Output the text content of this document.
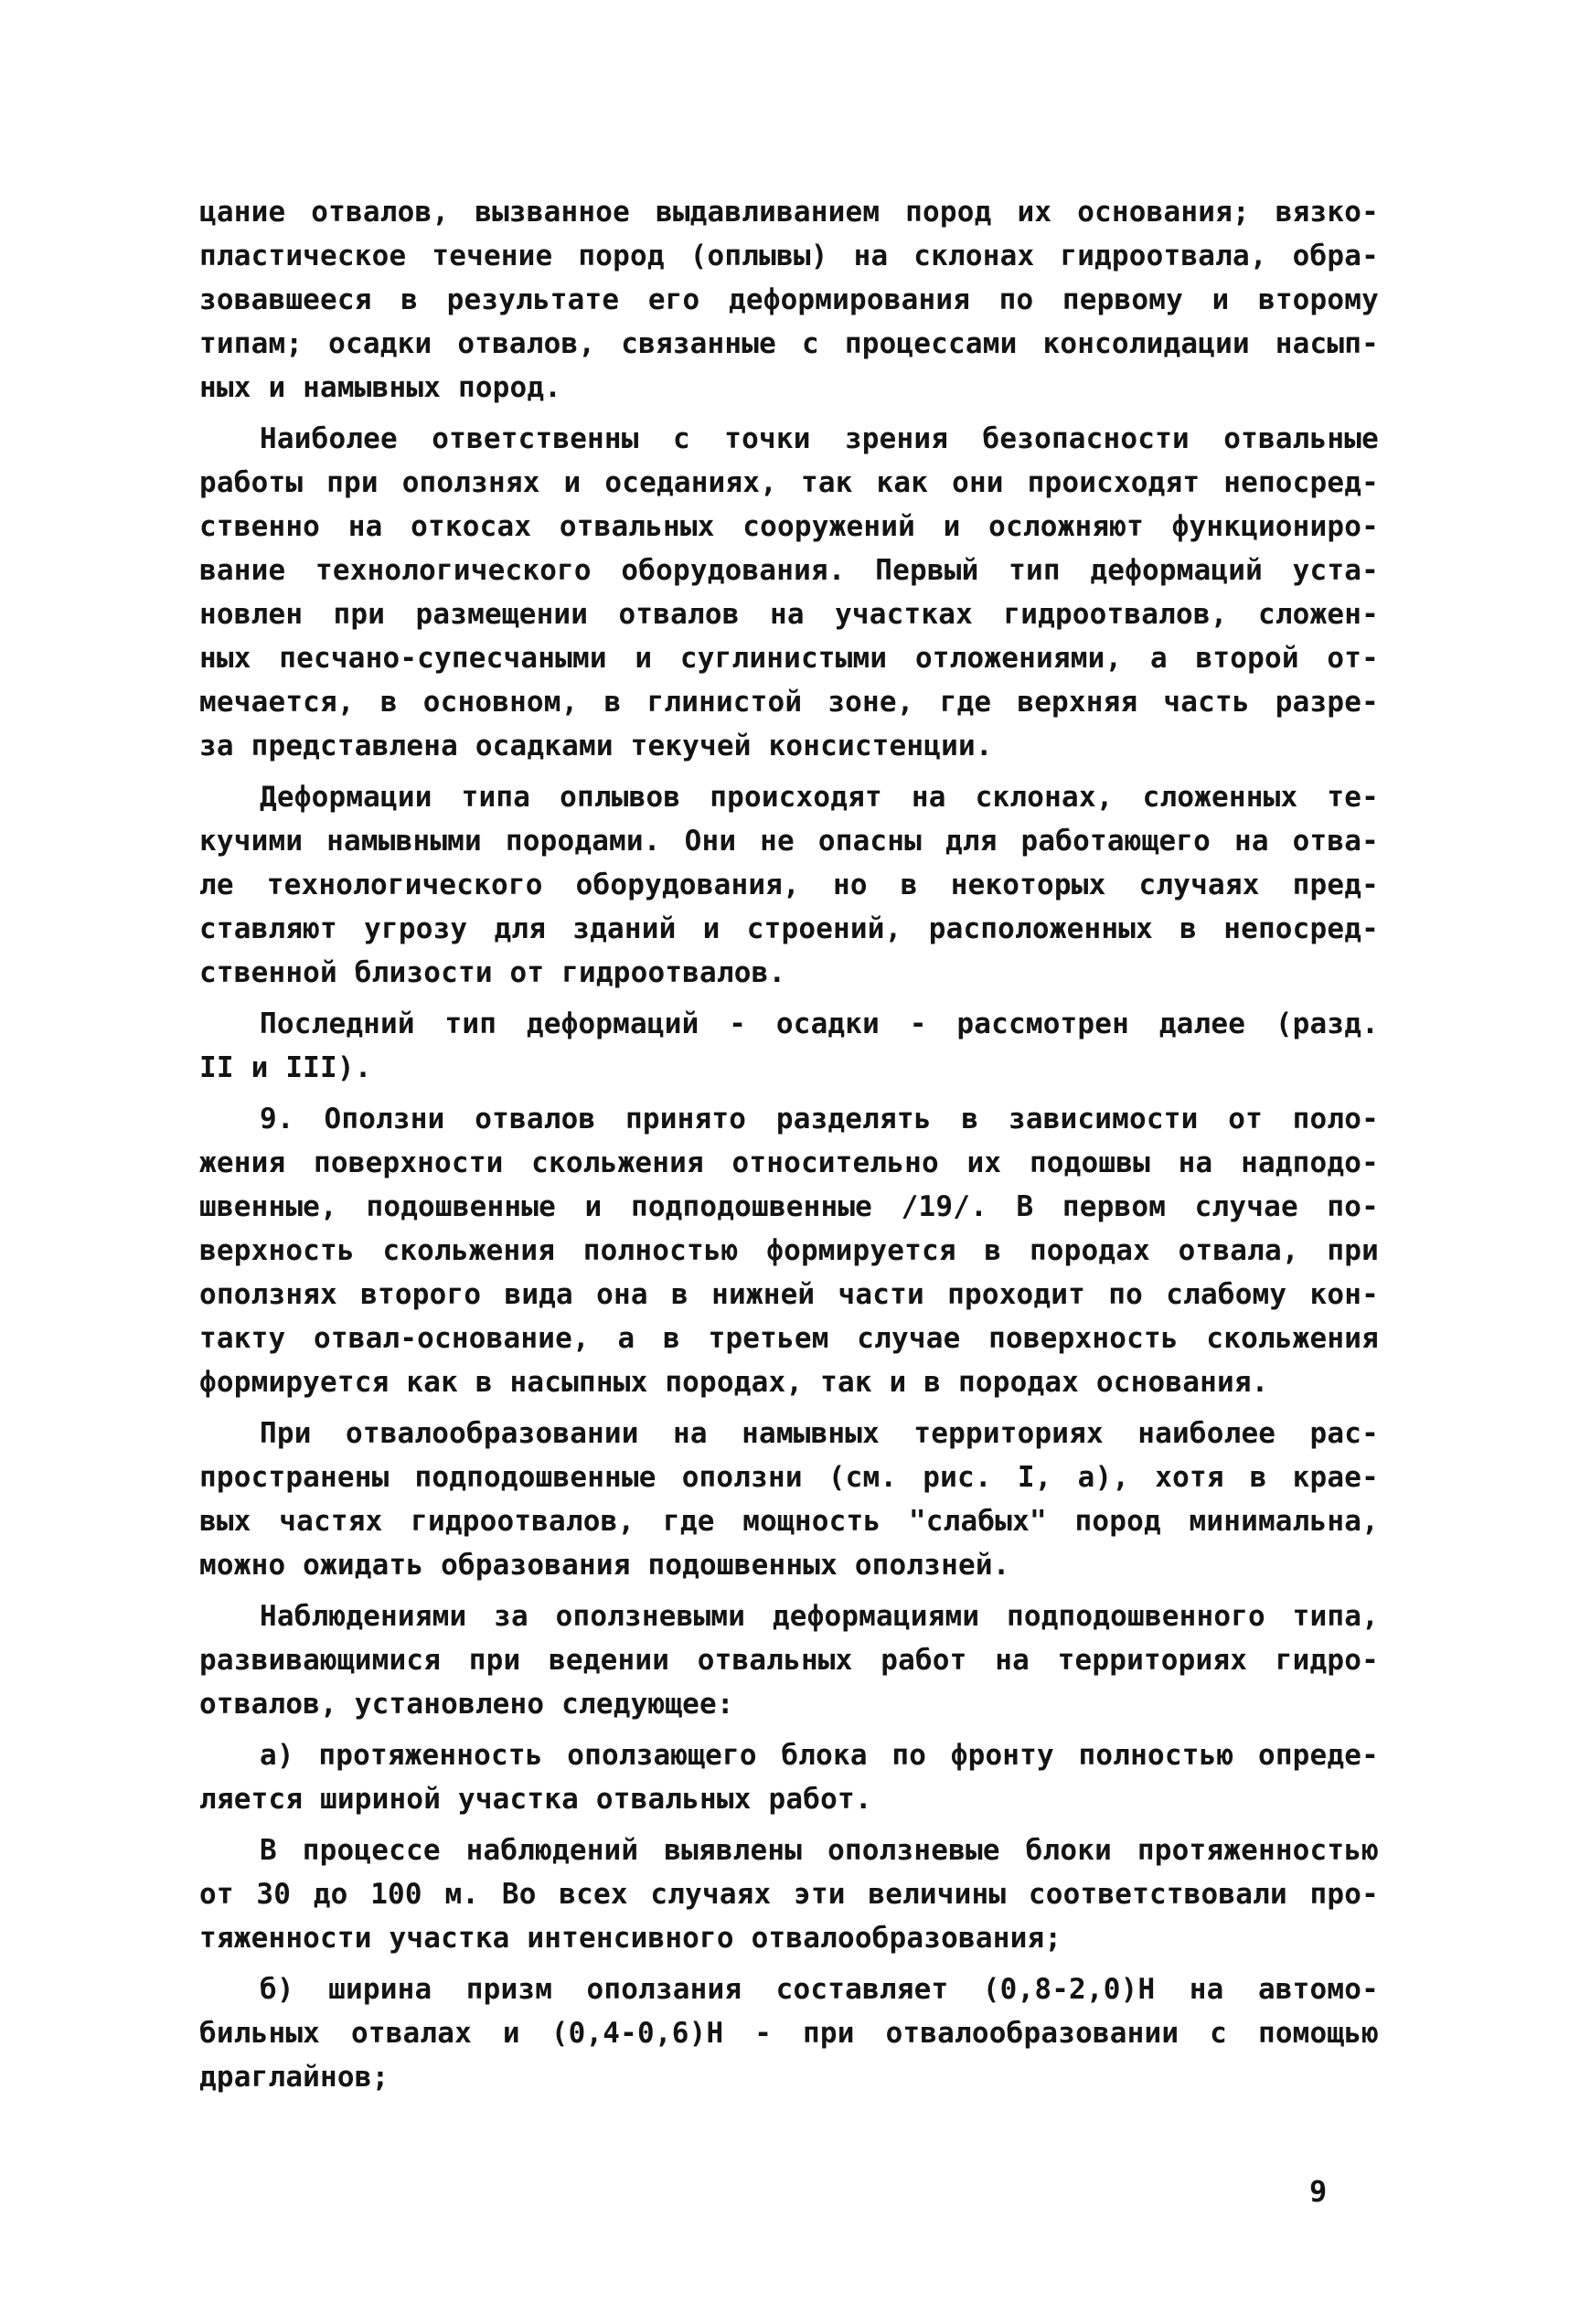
цание отвалов, вызванное выдавливанием пород их основания; вязко-
пластическое течение пород (оплывы) на склонах гидроотвала, обра-
зовавшееся в результате его деформирования по первому и второму
типам; осадки отвалов, связанные с процессами консолидации насып-
ных и намывных пород.
Наиболее ответственны с точки зрения безопасности отвальные
работы при оползнях и оседаниях, так как они происходят непосред-
ственно на откосах отвальных сооружений и осложняют функциониро-
вание технологического оборудования. Первый тип деформаций уста-
новлен при размещении отвалов на участках гидроотвалов, сложен-
ных песчано-супесчаными и суглинистыми отложениями, а второй от-
мечается, в основном, в глинистой зоне, где верхняя часть разре-
за представлена осадками текучей консистенции.
Деформации типа оплывов происходят на склонах, сложенных те-
кучими намывными породами. Они не опасны для работающего на отва-
ле технологического оборудования, но в некоторых случаях пред-
ставляют угрозу для зданий и строений, расположенных в непосред-
ственной близости от гидроотвалов.
Последний тип деформаций - осадки - рассмотрен далее (разд.
II и III).
9. Оползни отвалов принято разделять в зависимости от поло-
жения поверхности скольжения относительно их подошвы на надподо-
швенные, подошвенные и подподошвенные /19/. В первом случае по-
верхность скольжения полностью формируется в породах отвала, при
оползнях второго вида она в нижней части проходит по слабому кон-
такту отвал-основание, а в третьем случае поверхность скольжения
формируется как в насыпных породах, так и в породах основания.
При отвалообразовании на намывных территориях наиболее рас-
пространены подподошвенные оползни (см. рис. I, а), хотя в крае-
вых частях гидроотвалов, где мощность "слабых" пород минимальна,
можно ожидать образования подошвенных оползней.
Наблюдениями за оползневыми деформациями подподошвенного типа,
развивающимися при ведении отвальных работ на территориях гидро-
отвалов, установлено следующее:
а) протяженность оползающего блока по фронту полностью опреде-
ляется шириной участка отвальных работ.
В процессе наблюдений выявлены оползневые блоки протяженностью
от 30 до 100 м. Во всех случаях эти величины соответствовали про-
тяженности участка интенсивного отвалообразования;
б) ширина призм оползания составляет (0,8-2,0)Н на автомо-
бильных отвалах и (0,4-0,6)Н - при отвалообразовании с помощью
драглайнов;
9
